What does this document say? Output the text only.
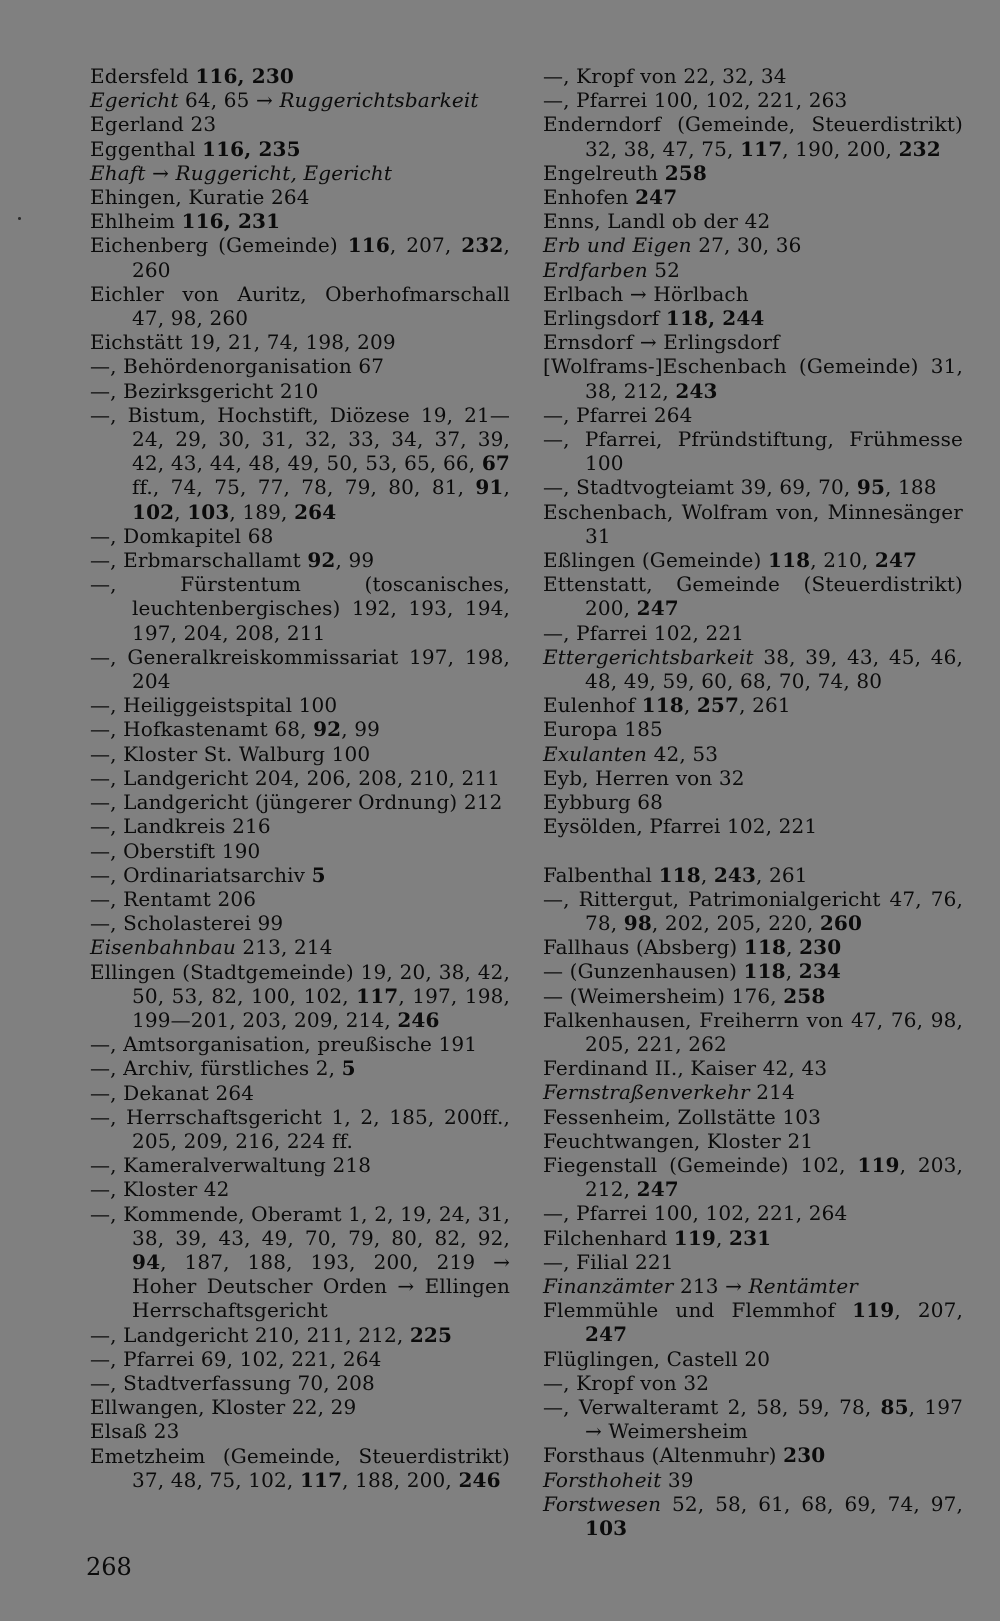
Edersfeld 116, 230
Egericht 64, 65 → Ruggerichtsbarkeit
Egerland 23
Eggenthal 116, 235
Ehaft → Ruggericht, Egericht
Ehingen, Kuratie 264
Ehlheim 116, 231
Eichenberg (Gemeinde) 116, 207, 232, 260
Eichler von Auritz, Oberhofmarschall 47, 98, 260
Eichstätt 19, 21, 74, 198, 209
—, Behördenorganisation 67
—, Bezirksgericht 210
—, Bistum, Hochstift, Diözese 19, 21—24, 29, 30, 31, 32, 33, 34, 37, 39, 42, 43, 44, 48, 49, 50, 53, 65, 66, 67 ff., 74, 75, 77, 78, 79, 80, 81, 91, 102, 103, 189, 264
—, Domkapitel 68
—, Erbmarschallamt 92, 99
—, Fürstentum (toscanisches, leuchtenbergisches) 192, 193, 194, 197, 204, 208, 211
—, Generalkreiskommissariat 197, 198, 204
—, Heiliggeistspital 100
—, Hofkastenamt 68, 92, 99
—, Kloster St. Walburg 100
—, Landgericht 204, 206, 208, 210, 211
—, Landgericht (jüngerer Ordnung) 212
—, Landkreis 216
—, Oberstift 190
—, Ordinariatsarchiv 5
—, Rentamt 206
—, Scholasterei 99
Eisenbahnbau 213, 214
Ellingen (Stadtgemeinde) 19, 20, 38, 42, 50, 53, 82, 100, 102, 117, 197, 198, 199—201, 203, 209, 214, 246
—, Amtsorganisation, preußische 191
—, Archiv, fürstliches 2, 5
—, Dekanat 264
—, Herrschaftsgericht 1, 2, 185, 200ff., 205, 209, 216, 224 ff.
—, Kameralverwaltung 218
—, Kloster 42
—, Kommende, Oberamt 1, 2, 19, 24, 31, 38, 39, 43, 49, 70, 79, 80, 82, 92, 94, 187, 188, 193, 200, 219 → Hoher Deutscher Orden → Ellingen Herrschaftsgericht
—, Landgericht 210, 211, 212, 225
—, Pfarrei 69, 102, 221, 264
—, Stadtverfassung 70, 208
Ellwangen, Kloster 22, 29
Elsaß 23
Emetzheim (Gemeinde, Steuerdistrikt) 37, 48, 75, 102, 117, 188, 200, 246
—, Kropf von 22, 32, 34
—, Pfarrei 100, 102, 221, 263
Enderndorf (Gemeinde, Steuerdistrikt) 32, 38, 47, 75, 117, 190, 200, 232
Engelreuth 258
Enhofen 247
Enns, Landl ob der 42
Erb und Eigen 27, 30, 36
Erdfarben 52
Erlbach → Hörlbach
Erlingsdorf 118, 244
Ernsdorf → Erlingsdorf
[Wolframs-]Eschenbach (Gemeinde) 31, 38, 212, 243
—, Pfarrei 264
—, Pfarrei, Pfründstiftung, Frühmesse 100
—, Stadtvogteiamt 39, 69, 70, 95, 188
Eschenbach, Wolfram von, Minnesänger 31
Eßlingen (Gemeinde) 118, 210, 247
Ettenstatt, Gemeinde (Steuerdistrikt) 200, 247
—, Pfarrei 102, 221
Ettergerichtsbarkeit 38, 39, 43, 45, 46, 48, 49, 59, 60, 68, 70, 74, 80
Eulenhof 118, 257, 261
Europa 185
Exulanten 42, 53
Eyb, Herren von 32
Eybburg 68
Eysölden, Pfarrei 102, 221
Falbenthal 118, 243, 261
—, Rittergut, Patrimonialgericht 47, 76, 78, 98, 202, 205, 220, 260
Fallhaus (Absberg) 118, 230
— (Gunzenhausen) 118, 234
— (Weimersheim) 176, 258
Falkenhausen, Freiherrn von 47, 76, 98, 205, 221, 262
Ferdinand II., Kaiser 42, 43
Fernstraßenverkehr 214
Fessenheim, Zollstätte 103
Feuchtwangen, Kloster 21
Fiegenstall (Gemeinde) 102, 119, 203, 212, 247
—, Pfarrei 100, 102, 221, 264
Filchenhard 119, 231
—, Filial 221
Finanzämter 213 → Rentämter
Flemmühle und Flemmhof 119, 207, 247
Flüglingen, Castell 20
—, Kropf von 32
—, Verwalteramt 2, 58, 59, 78, 85, 197 → Weimersheim
Forsthaus (Altenmuhr) 230
Forsthoheit 39
Forstwesen 52, 58, 61, 68, 69, 74, 97, 103
268
